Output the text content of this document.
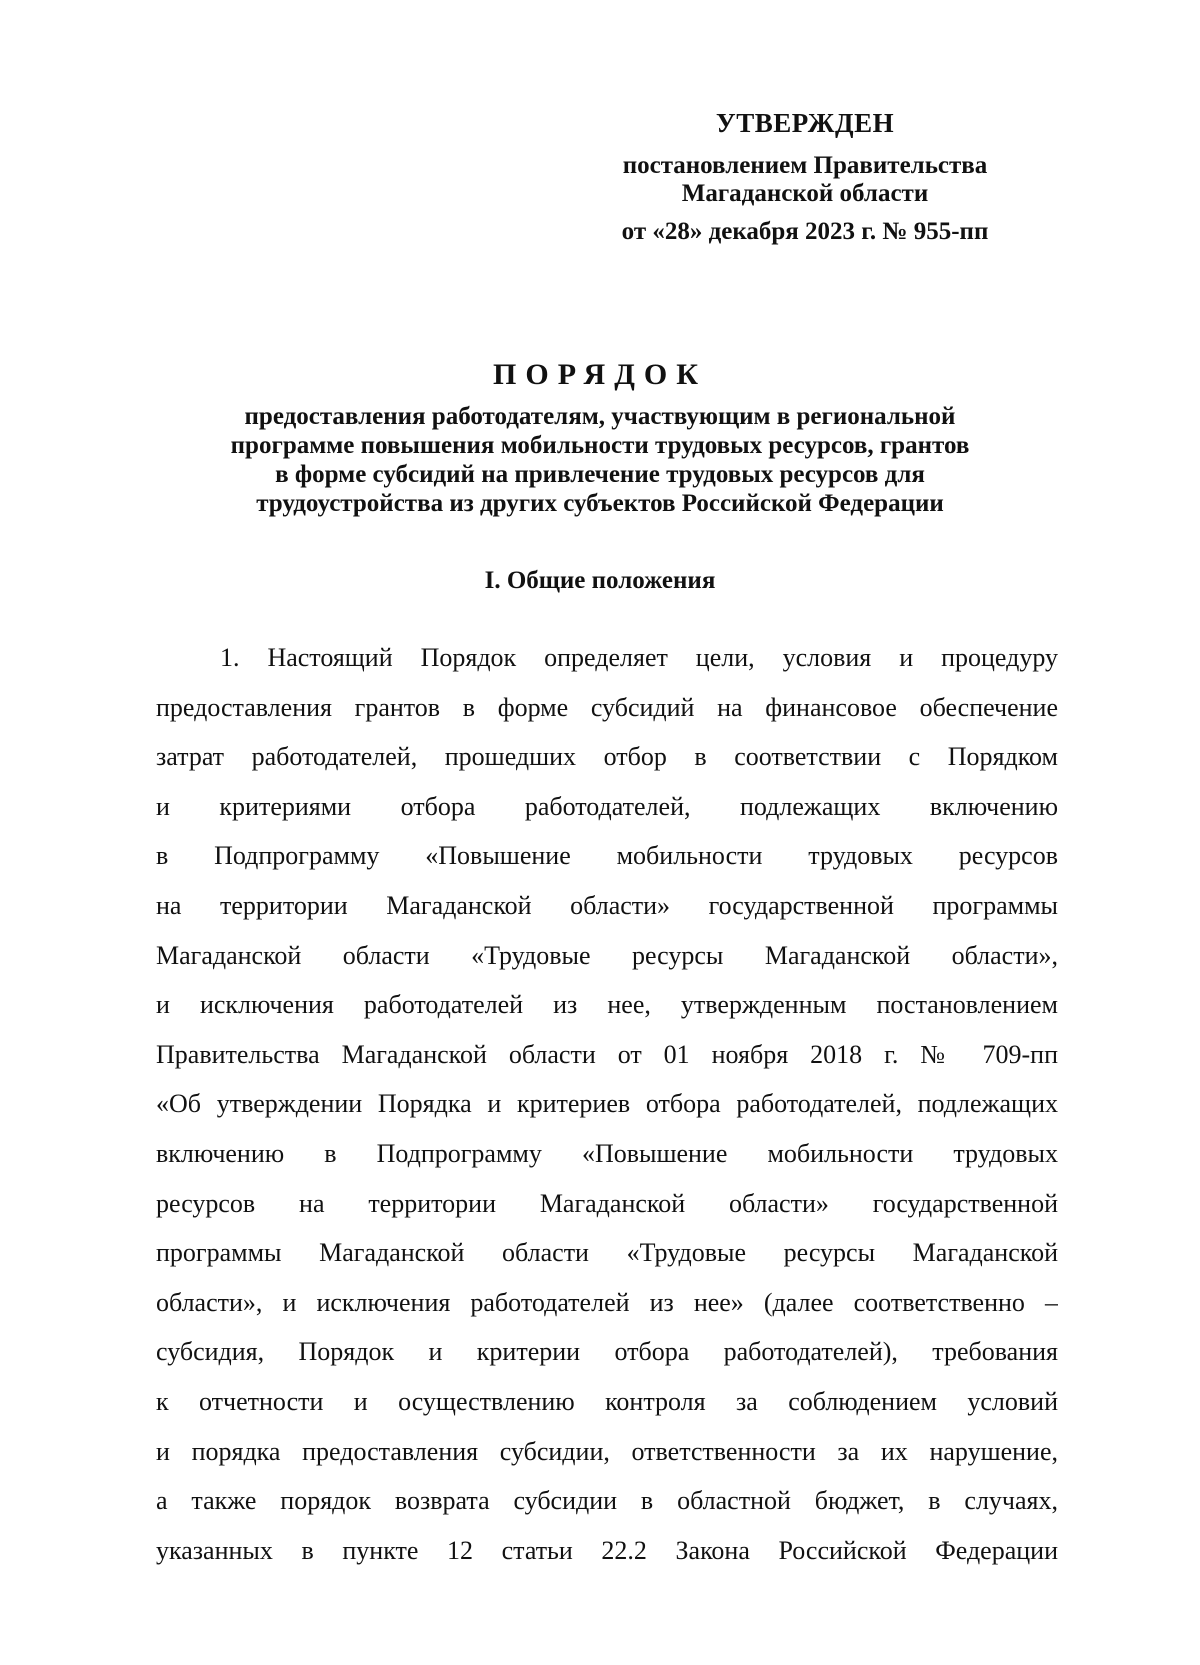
УТВЕРЖДЕН
постановлением Правительства
Магаданской области
от «28» декабря 2023 г. № 955-пп
ПОРЯДОК
предоставления работодателям, участвующим в региональной
программе повышения мобильности трудовых ресурсов, грантов
в форме субсидий на привлечение трудовых ресурсов для
трудоустройства из других субъектов Российской Федерации
I. Общие положения
1. Настоящий Порядок определяет цели, условия и процедуру
предоставления грантов в форме субсидий на финансовое обеспечение
затрат работодателей, прошедших отбор в соответствии с Порядком
и критериями отбора работодателей, подлежащих включению
в Подпрограмму «Повышение мобильности трудовых ресурсов
на территории Магаданской области» государственной программы
Магаданской области «Трудовые ресурсы Магаданской области»,
и исключения работодателей из нее, утвержденным постановлением
Правительства Магаданской области от 01 ноября 2018 г. № 709-пп
«Об утверждении Порядка и критериев отбора работодателей, подлежащих
включению в Подпрограмму «Повышение мобильности трудовых
ресурсов на территории Магаданской области» государственной
программы Магаданской области «Трудовые ресурсы Магаданской
области», и исключения работодателей из нее» (далее соответственно –
субсидия, Порядок и критерии отбора работодателей), требования
к отчетности и осуществлению контроля за соблюдением условий
и порядка предоставления субсидии, ответственности за их нарушение,
а также порядок возврата субсидии в областной бюджет, в случаях,
указанных в пункте 12 статьи 22.2 Закона Российской Федерации
